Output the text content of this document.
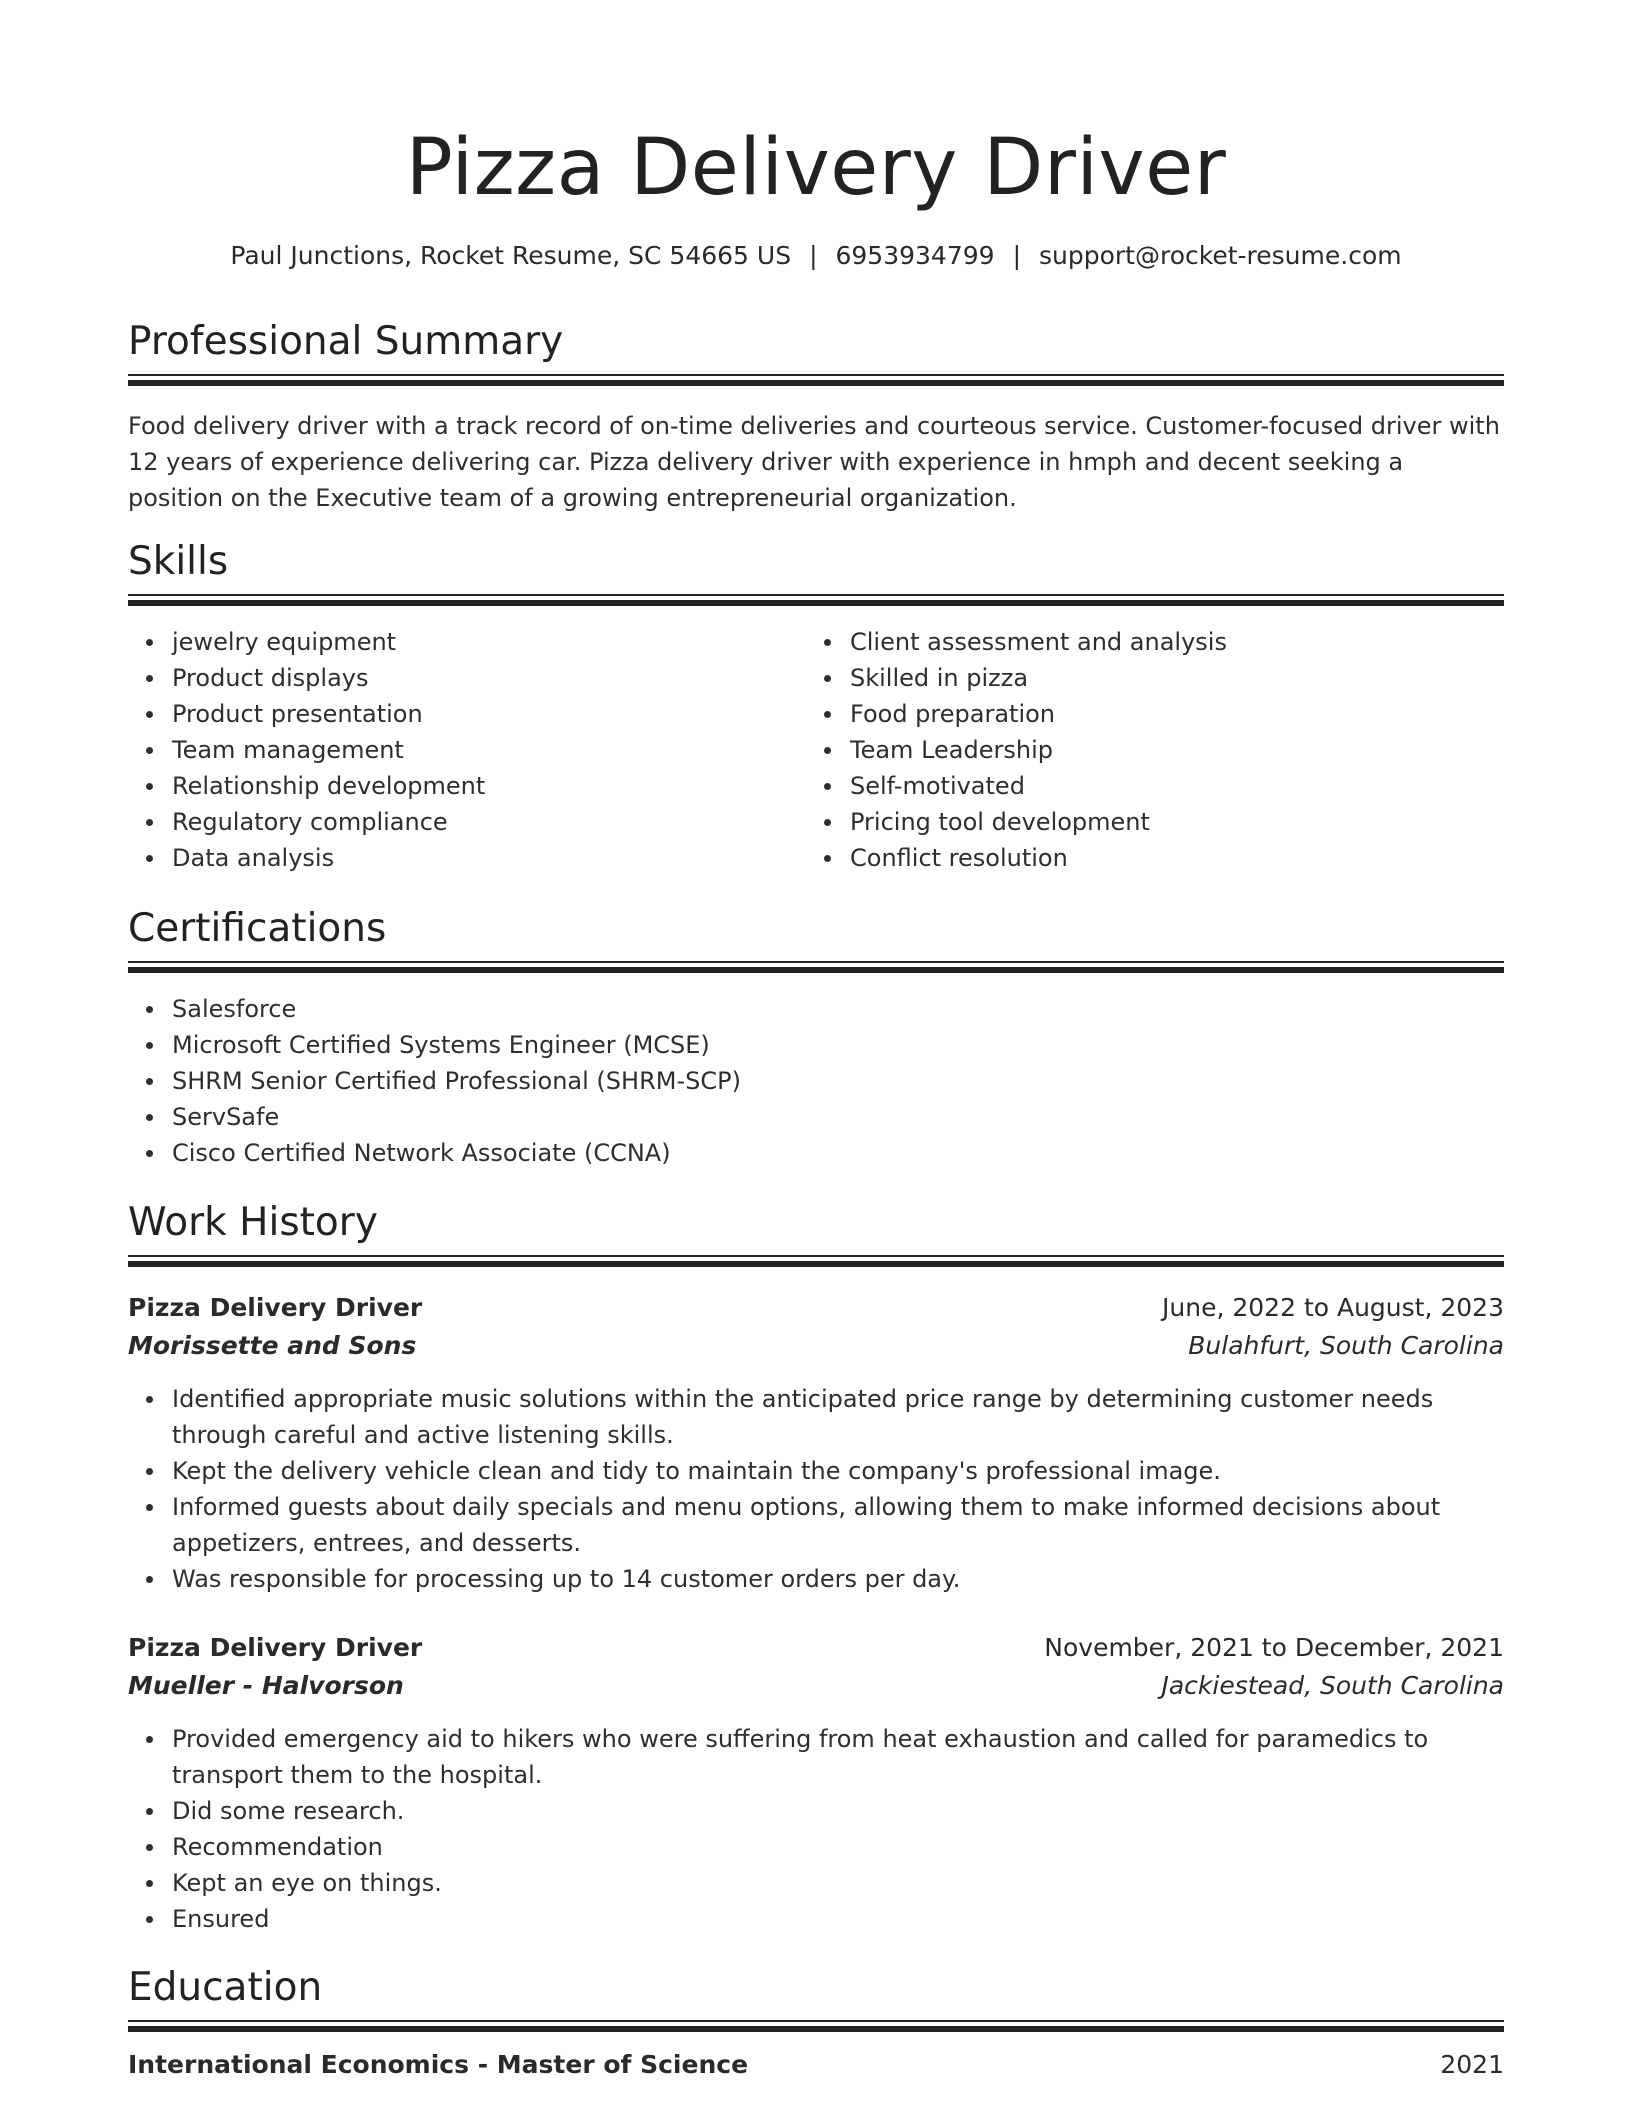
Pizza Delivery Driver
Paul Junctions, Rocket Resume, SC 54665 US | 6953934799 | support@rocket-resume.com
Professional Summary

Food delivery driver with a track record of on-time deliveries and courteous service. Customer-focused driver with 12 years of experience delivering car. Pizza delivery driver with experience in hmph and decent seeking a position on the Executive team of a growing entrepreneurial organization.

Skills
jewelry equipment
Product displays
Product presentation
Team management
Relationship development
Regulatory compliance
Data analysis
Client assessment and analysis
Skilled in pizza
Food preparation
Team Leadership
Self-motivated
Pricing tool development
Conflict resolution
Certifications
Salesforce
Microsoft Certified Systems Engineer (MCSE)
SHRM Senior Certified Professional (SHRM-SCP)
ServSafe
Cisco Certified Network Associate (CCNA)
Work History
Pizza Delivery Driver	June, 2022 to August, 2023
Morissette and Sons	Bulahfurt, South Carolina
Identified appropriate music solutions within the anticipated price range by determining customer needs through careful and active listening skills.
Kept the delivery vehicle clean and tidy to maintain the company's professional image.
Informed guests about daily specials and menu options, allowing them to make informed decisions about appetizers, entrees, and desserts.
Was responsible for processing up to 14 customer orders per day.
Pizza Delivery Driver	November, 2021 to December, 2021
Mueller - Halvorson	Jackiestead, South Carolina
Provided emergency aid to hikers who were suffering from heat exhaustion and called for paramedics to transport them to the hospital.
Did some research.
Recommendation
Kept an eye on things.
Ensured
Education
International Economics - Master of Science	2021
